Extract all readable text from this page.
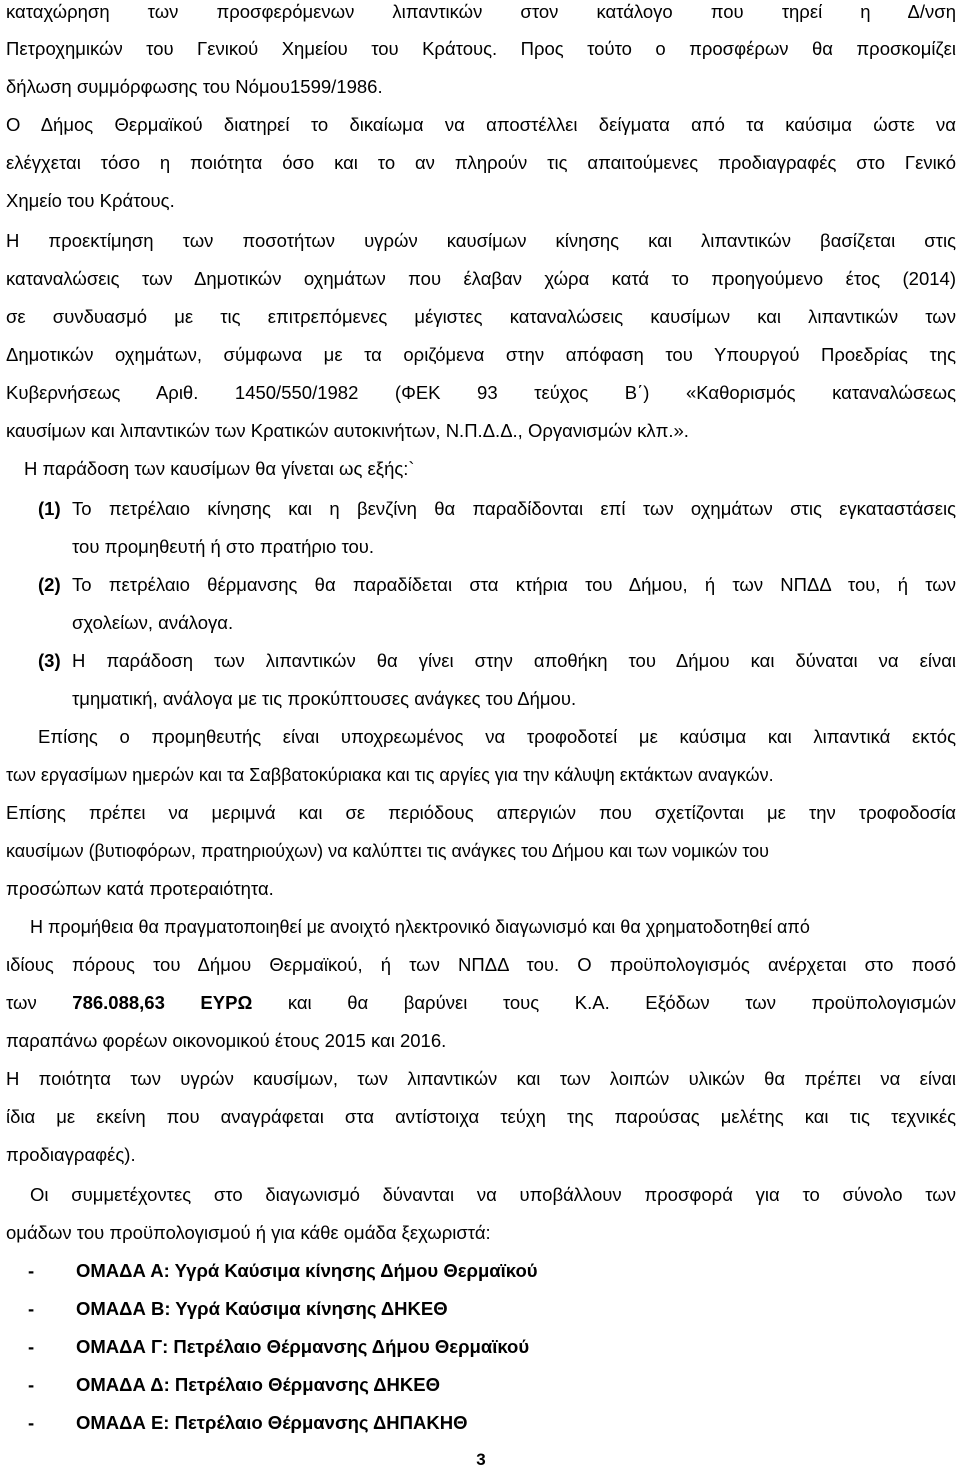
καταχώρηση των προσφερόμενων λιπαντικών στον κατάλογο που τηρεί η Δ/νση
Πετροχημικών του Γενικού Χημείου του Κράτους. Προς τούτο ο προσφέρων θα προσκομίζει
δήλωση συμμόρφωσης του Νόμου1599/1986.
Ο Δήμος Θερμαϊκού διατηρεί το δικαίωμα να αποστέλλει δείγματα από τα καύσιμα ώστε να
ελέγχεται τόσο η ποιότητα όσο και το αν πληρούν τις απαιτούμενες προδιαγραφές στο Γενικό
Χημείο του Κράτους.
Η προεκτίμηση των ποσοτήτων υγρών καυσίμων κίνησης και λιπαντικών βασίζεται στις
καταναλώσεις των Δημοτικών οχημάτων που έλαβαν χώρα κατά το προηγούμενο έτος (2014)
σε συνδυασμό με τις επιτρεπόμενες μέγιστες καταναλώσεις καυσίμων και λιπαντικών των
Δημοτικών οχημάτων, σύμφωνα με τα οριζόμενα στην απόφαση του Υπουργού Προεδρίας της
Κυβερνήσεως Αριθ. 1450/550/1982 (ΦΕΚ 93 τεύχος Β΄) «Καθορισμός καταναλώσεως
καυσίμων και λιπαντικών των Κρατικών αυτοκινήτων, Ν.Π.Δ.Δ., Οργανισμών κλπ.».
Η παράδοση των καυσίμων θα γίνεται ως εξής:`
(1) Το πετρέλαιο κίνησης και η βενζίνη θα παραδίδονται επί των οχημάτων στις εγκαταστάσεις
του προμηθευτή ή στο πρατήριο του.
(2) Το πετρέλαιο θέρμανσης θα παραδίδεται στα κτήρια του Δήμου, ή των ΝΠΔΔ του, ή των
σχολείων, ανάλογα.
(3) Η παράδοση των λιπαντικών θα γίνει στην αποθήκη του Δήμου και δύναται να είναι
τμηματική, ανάλογα με τις προκύπτουσες ανάγκες του Δήμου.
Επίσης ο προμηθευτής είναι υποχρεωμένος να τροφοδοτεί με καύσιμα και λιπαντικά εκτός
των εργασίμων ημερών και τα Σαββατοκύριακα και τις αργίες για την κάλυψη εκτάκτων αναγκών.
Επίσης πρέπει να μεριμνά και σε περιόδους απεργιών που σχετίζονται με την τροφοδοσία
καυσίμων (βυτιοφόρων, πρατηριούχων) να καλύπτει τις ανάγκες του Δήμου και των νομικών του
προσώπων κατά προτεραιότητα.
Η προμήθεια θα πραγματοποιηθεί με ανοιχτό ηλεκτρονικό διαγωνισμό και θα χρηματοδοτηθεί από
ιδίους πόρους του Δήμου Θερμαϊκού, ή των ΝΠΔΔ του. Ο προϋπολογισμός ανέρχεται στο ποσό
των 786.088,63 ΕΥΡΩ και θα βαρύνει τους Κ.Α. Εξόδων των προϋπολογισμών
παραπάνω φορέων οικονομικού έτους 2015 και 2016.
Η ποιότητα των υγρών καυσίμων, των λιπαντικών και των λοιπών υλικών θα πρέπει να είναι
ίδια με εκείνη που αναγράφεται στα αντίστοιχα τεύχη της παρούσας μελέτης και τις τεχνικές
προδιαγραφές).
Οι συμμετέχοντες στο διαγωνισμό δύνανται να υποβάλλουν προσφορά για το σύνολο των
ομάδων του προϋπολογισμού ή για κάθε ομάδα ξεχωριστά:
- ΟΜΑΔΑ Α: Υγρά Καύσιμα κίνησης Δήμου Θερμαϊκού
- ΟΜΑΔΑ Β: Υγρά Καύσιμα κίνησης ΔΗΚΕΘ
- ΟΜΑΔΑ Γ: Πετρέλαιο Θέρμανσης Δήμου Θερμαϊκού
- ΟΜΑΔΑ Δ: Πετρέλαιο Θέρμανσης ΔΗΚΕΘ
- ΟΜΑΔΑ Ε: Πετρέλαιο Θέρμανσης ΔΗΠΑΚΗΘ
3
